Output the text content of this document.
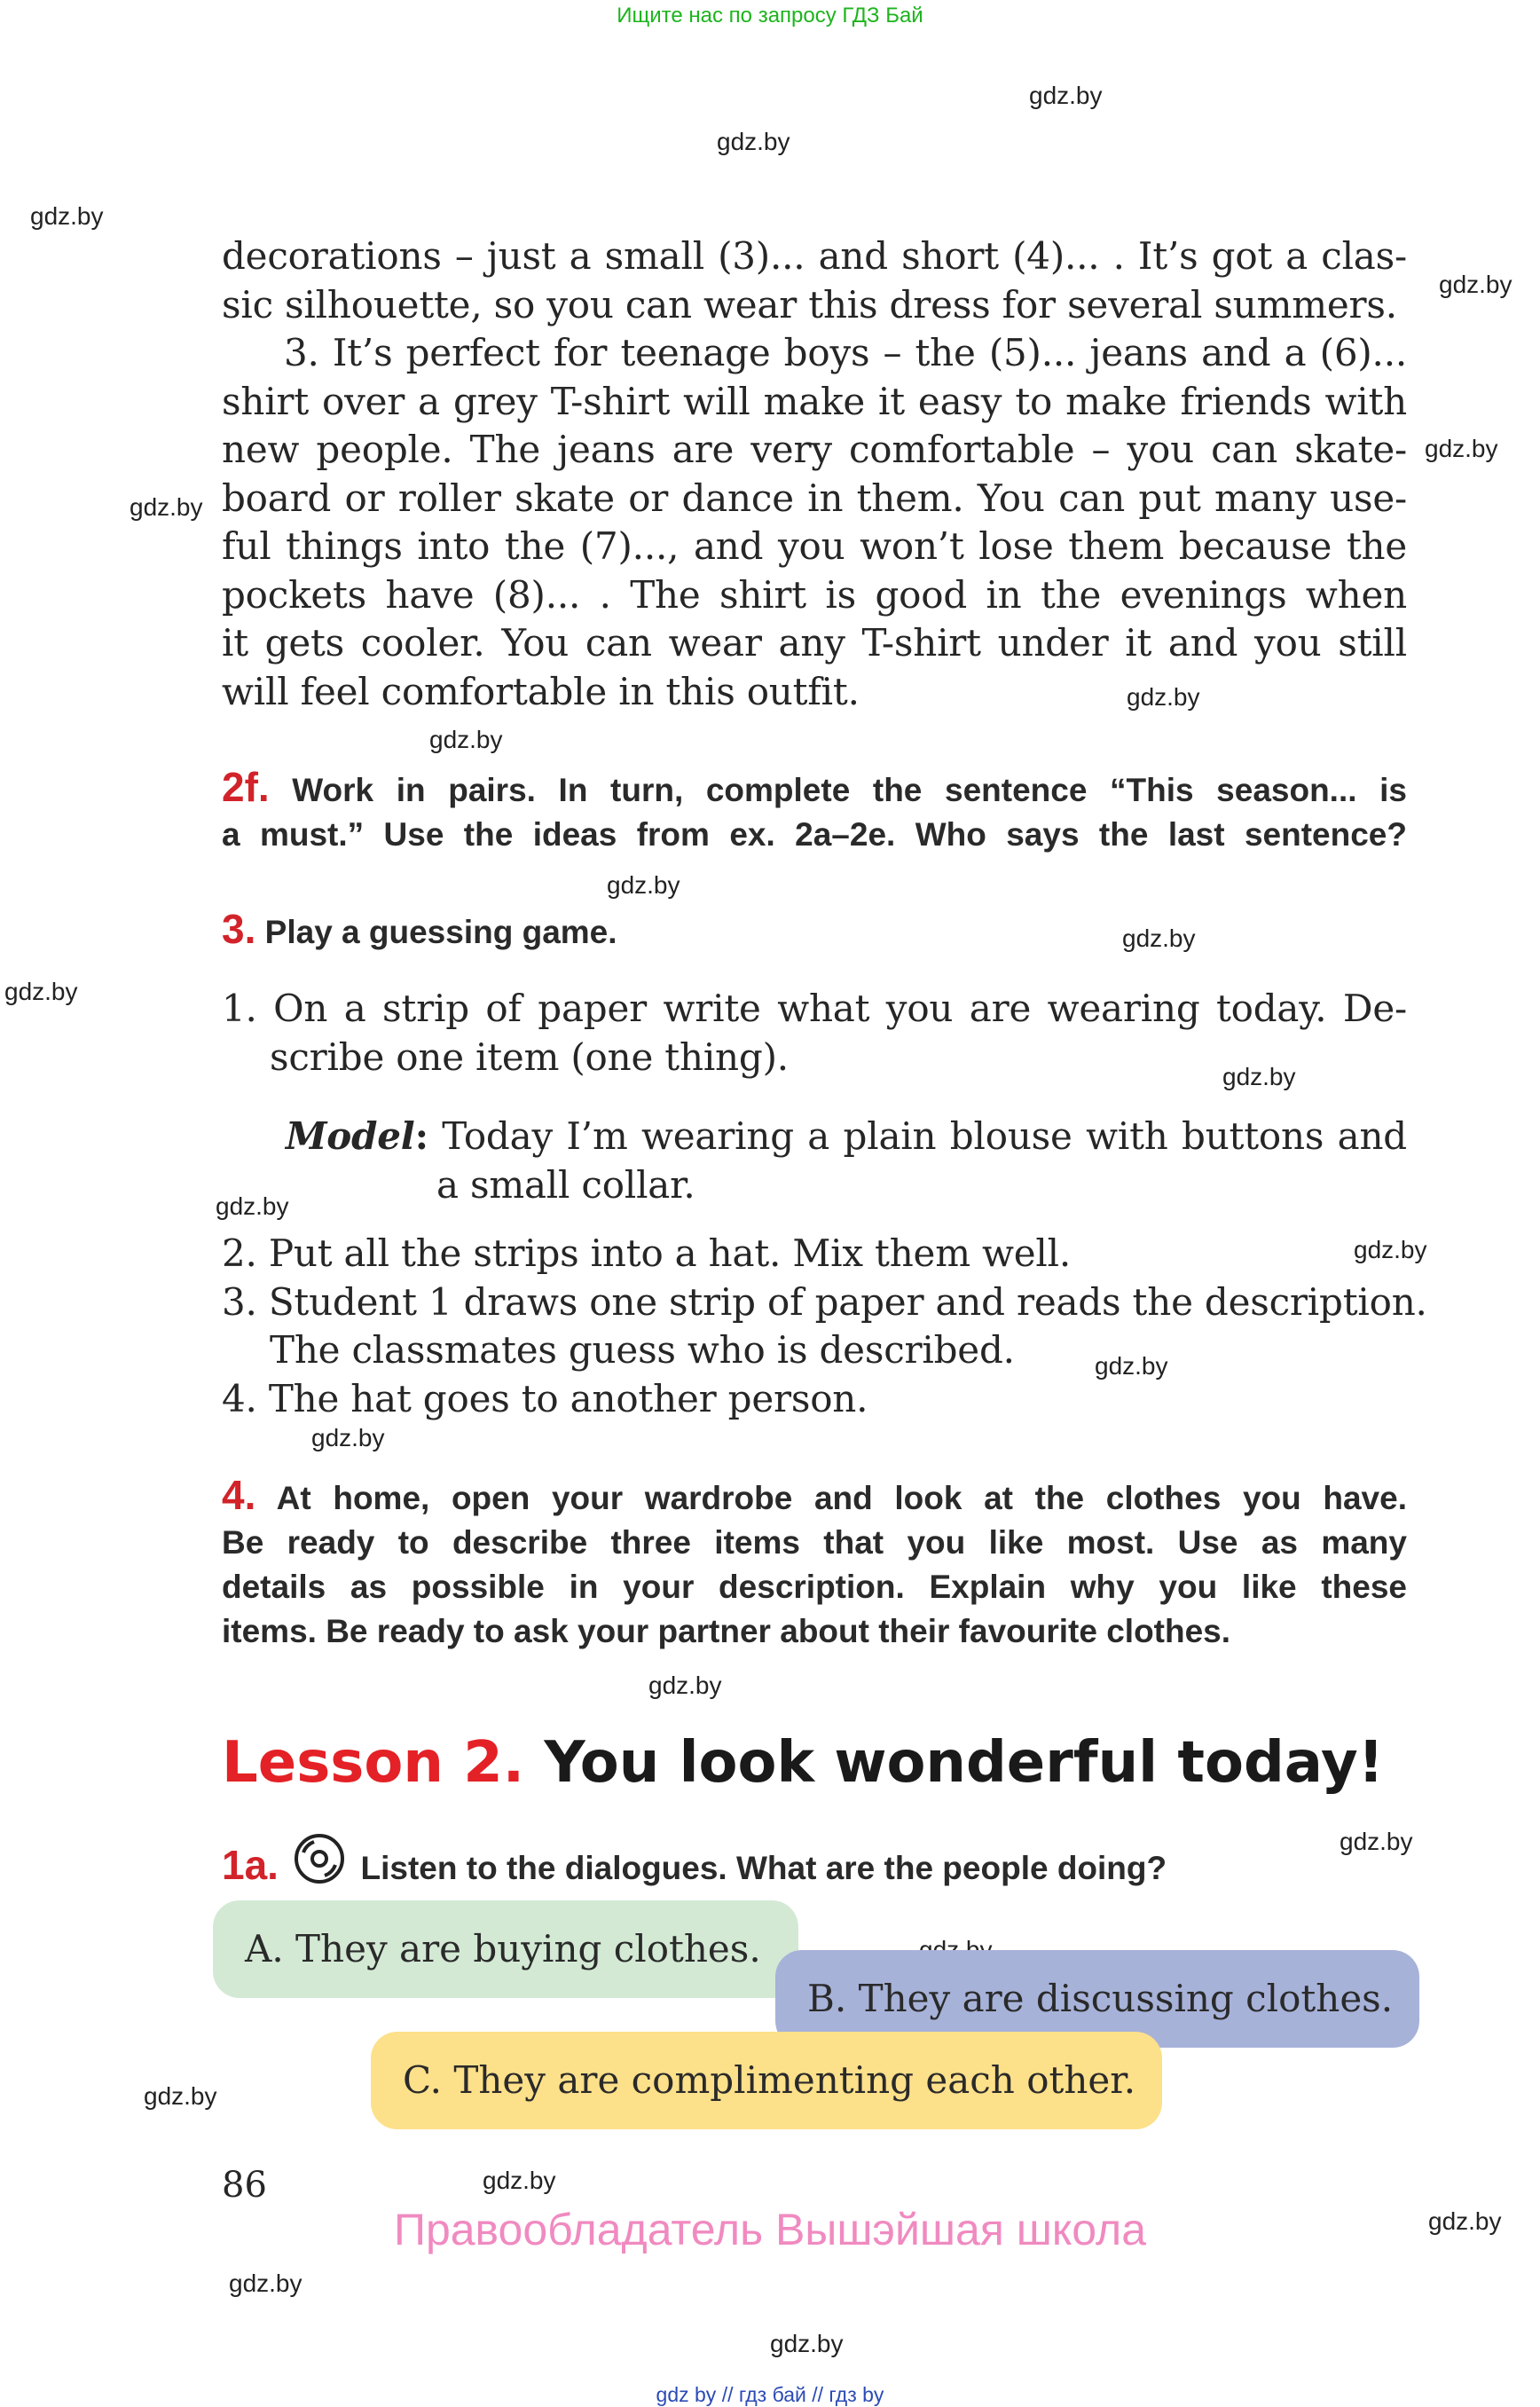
Ищите нас по запросу ГДЗ Бай
gdz.by
gdz.by
gdz.by
gdz.by
gdz.by
gdz.by
gdz.by
gdz.by
gdz.by
gdz.by
gdz.by
gdz.by
gdz.by
gdz.by
gdz.by
gdz.by
gdz.by
gdz.by
gdz.by
gdz.by
gdz.by
gdz.by
gdz.by
decorations – just a small (3)... and short (4)... . It’s got a clas-
sic silhouette, so you can wear this dress for several summers.
3. It’s perfect for teenage boys – the (5)... jeans and a (6)...
shirt over a grey T-shirt will make it easy to make friends with
new people. The jeans are very comfortable – you can skate-
board or roller skate or dance in them. You can put many use-
ful things into the (7)..., and you won’t lose them because the
pockets have (8)... . The shirt is good in the evenings when
it gets cooler. You can wear any T-shirt under it and you still
will feel comfortable in this outfit.
2f. Work in pairs. In turn, complete the sentence “This season... is
a must.” Use the ideas from ex. 2a–2e. Who says the last sentence?
3. Play a guessing game.
1. On a strip of paper write what you are wearing today. De-
scribe one item (one thing).
Model: Today I’m wearing a plain blouse with buttons and
a small collar.
2. Put all the strips into a hat. Mix them well.
3. Student 1 draws one strip of paper and reads the description.
The classmates guess who is described.
4. The hat goes to another person.
4. At home, open your wardrobe and look at the clothes you have.
Be ready to describe three items that you like most. Use as many
details as possible in your description. Explain why you like these
items. Be ready to ask your partner about their favourite clothes.
Lesson 2. You look wonderful today!
1a.	Listen to the dialogues. What are the people doing?
A. They are buying clothes.
B. They are discussing clothes.
C. They are complimenting each other.
86
Правообладатель Вышэйшая школа
gdz by // гдз бай // гдз by
